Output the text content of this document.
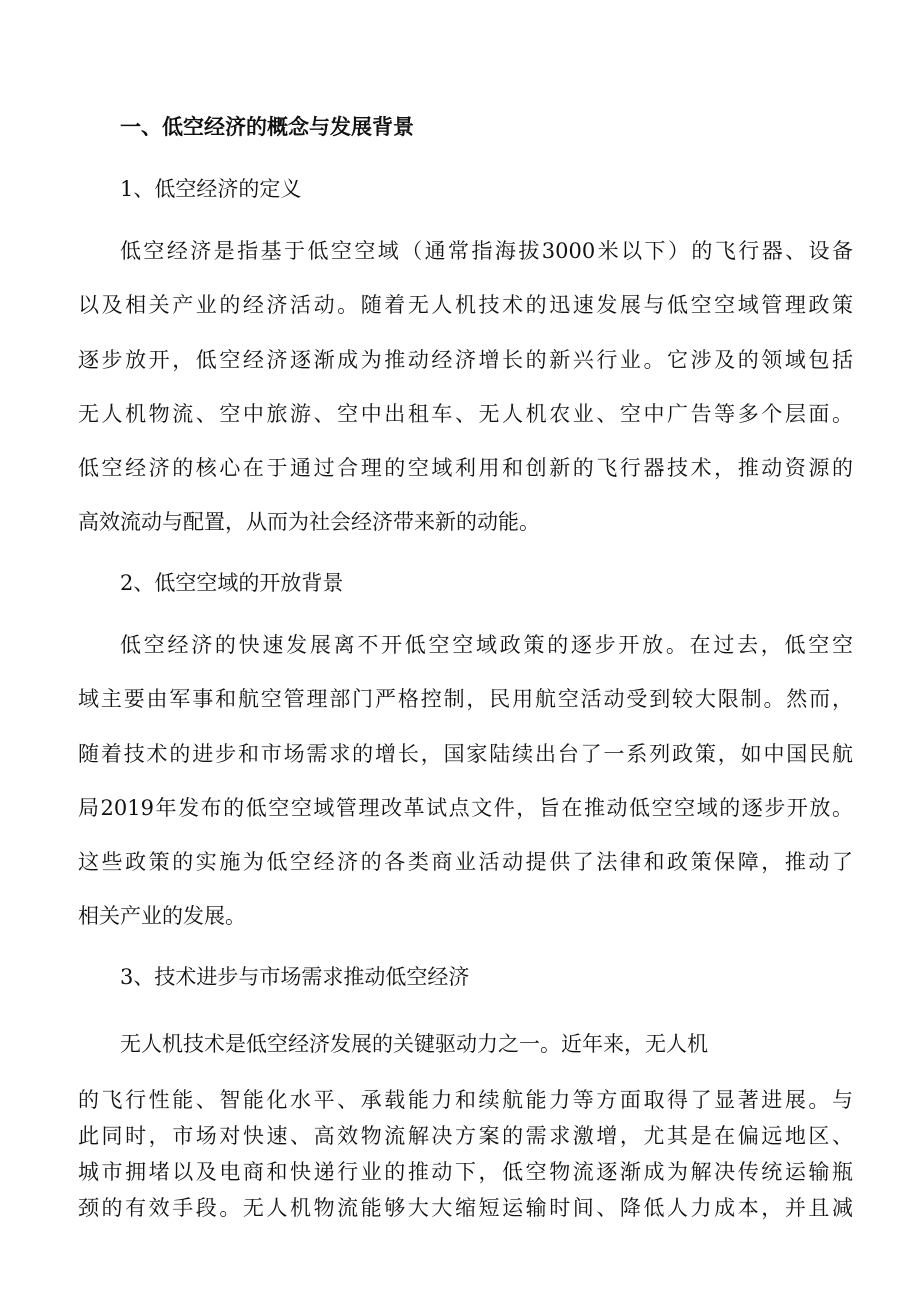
一、低空经济的概念与发展背景
1、低空经济的定义
低空经济是指基于低空空域（通常指海拔3000米以下）的飞行器、设备
以及相关产业的经济活动。随着无人机技术的迅速发展与低空空域管理政策
逐步放开，低空经济逐渐成为推动经济增长的新兴行业。它涉及的领域包括
无人机物流、空中旅游、空中出租车、无人机农业、空中广告等多个层面。
低空经济的核心在于通过合理的空域利用和创新的飞行器技术，推动资源的
高效流动与配置，从而为社会经济带来新的动能。
2、低空空域的开放背景
低空经济的快速发展离不开低空空域政策的逐步开放。在过去，低空空
域主要由军事和航空管理部门严格控制，民用航空活动受到较大限制。然而，
随着技术的进步和市场需求的增长，国家陆续出台了一系列政策，如中国民航
局2019年发布的低空空域管理改革试点文件，旨在推动低空空域的逐步开放。
这些政策的实施为低空经济的各类商业活动提供了法律和政策保障，推动了
相关产业的发展。
3、技术进步与市场需求推动低空经济
无人机技术是低空经济发展的关键驱动力之一。近年来，无人机
的飞行性能、智能化水平、承载能力和续航能力等方面取得了显著进展。与
此同时，市场对快速、高效物流解决方案的需求激增，尤其是在偏远地区、
城市拥堵以及电商和快递行业的推动下，低空物流逐渐成为解决传统运输瓶
颈的有效手段。无人机物流能够大大缩短运输时间、降低人力成本，并且减
